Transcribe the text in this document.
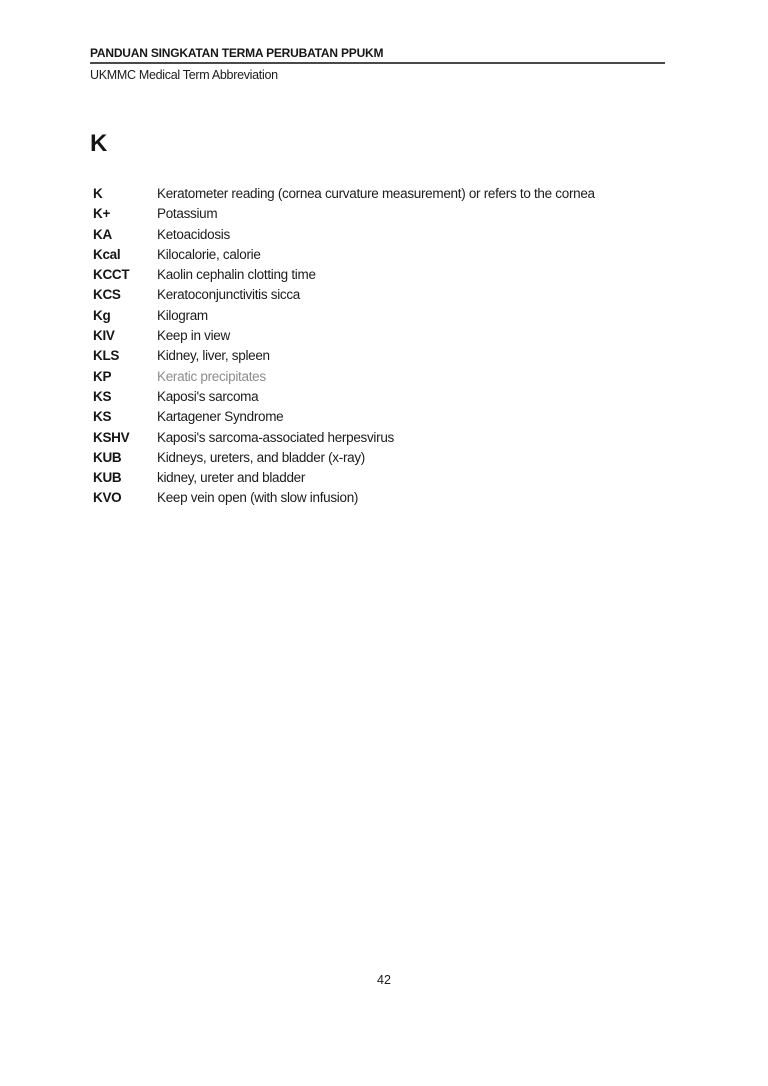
PANDUAN SINGKATAN TERMA PERUBATAN PPUKM
UKMMC Medical Term Abbreviation
K
K	Keratometer reading (cornea curvature measurement) or refers to the cornea
K+	Potassium
KA	Ketoacidosis
Kcal	Kilocalorie, calorie
KCCT	Kaolin cephalin clotting time
KCS	Keratoconjunctivitis sicca
Kg	Kilogram
KIV	Keep in view
KLS	Kidney, liver, spleen
KP	Keratic precipitates
KS	Kaposi's sarcoma
KS	Kartagener Syndrome
KSHV	Kaposi's sarcoma-associated herpesvirus
KUB	Kidneys, ureters, and bladder (x-ray)
KUB	kidney, ureter and bladder
KVO	Keep vein open (with slow infusion)
42
